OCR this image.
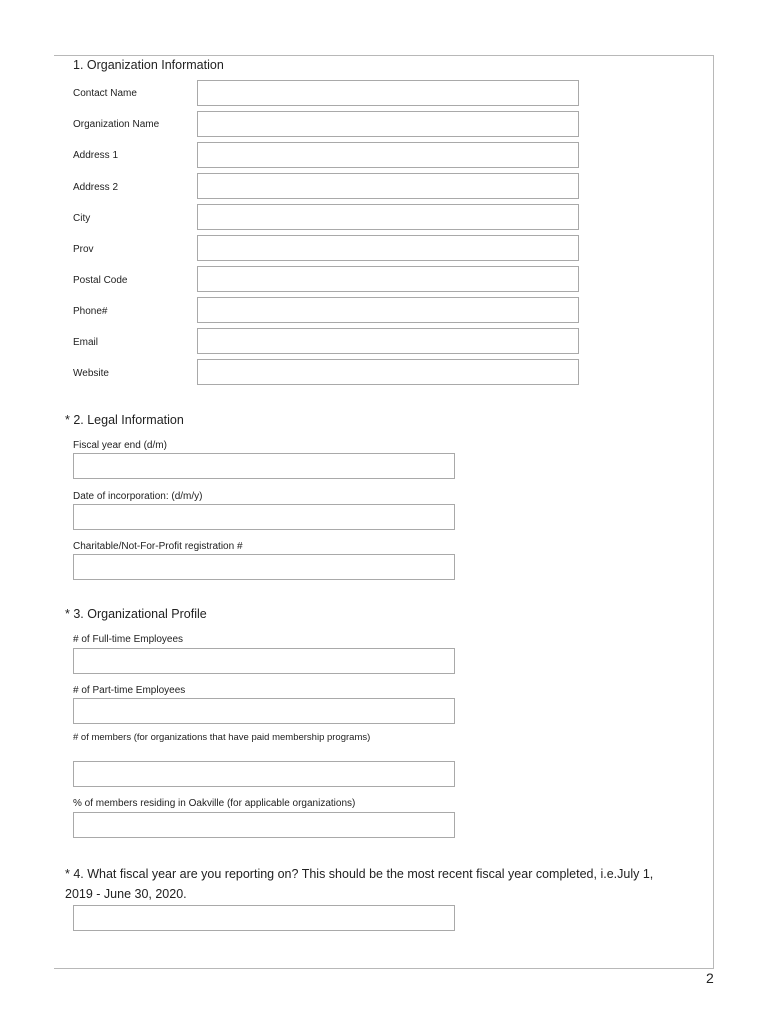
1. Organization Information
Contact Name
Organization Name
Address 1
Address 2
City
Prov
Postal Code
Phone#
Email
Website
* 2. Legal Information
Fiscal year end (d/m)
Date of incorporation: (d/m/y)
Charitable/Not-For-Profit registration #
* 3. Organizational Profile
# of Full-time Employees
# of Part-time Employees
# of members (for organizations that have paid membership programs)
% of members residing in Oakville (for applicable organizations)
* 4. What fiscal year are you reporting on? This should be the most recent fiscal year completed, i.e.July 1, 2019 - June 30, 2020.
2
